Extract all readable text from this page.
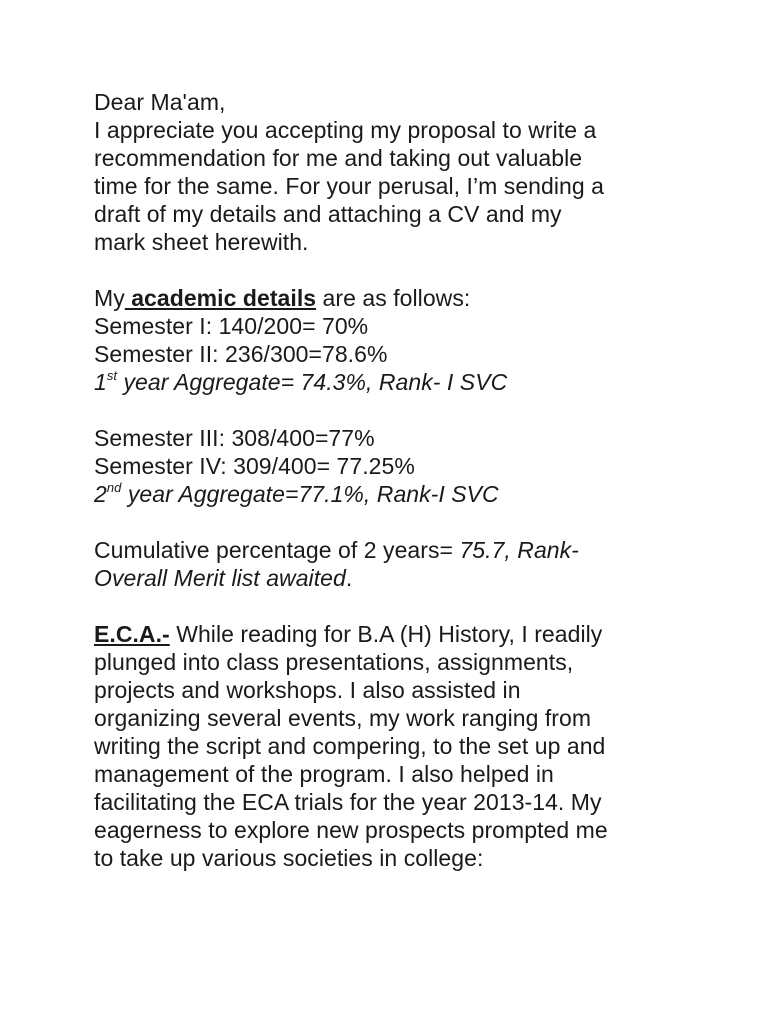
Dear Ma'am,
I appreciate you accepting my proposal to write a
recommendation for me and taking out valuable
time for the same. For your perusal, I’m sending a
draft of my details and attaching a CV and my
mark sheet herewith.
My academic details are as follows:
Semester I: 140/200= 70%
Semester II: 236/300=78.6%
1st year Aggregate= 74.3%, Rank- I SVC
Semester III: 308/400=77%
Semester IV: 309/400= 77.25%
2nd year Aggregate=77.1%, Rank-I SVC
Cumulative percentage of 2 years= 75.7, Rank-
Overall Merit list awaited.
E.C.A.- While reading for B.A (H) History, I readily
plunged into class presentations, assignments,
projects and workshops. I also assisted in
organizing several events, my work ranging from
writing the script and compering, to the set up and
management of the program. I also helped in
facilitating the ECA trials for the year 2013-14. My
eagerness to explore new prospects prompted me
to take up various societies in college:
